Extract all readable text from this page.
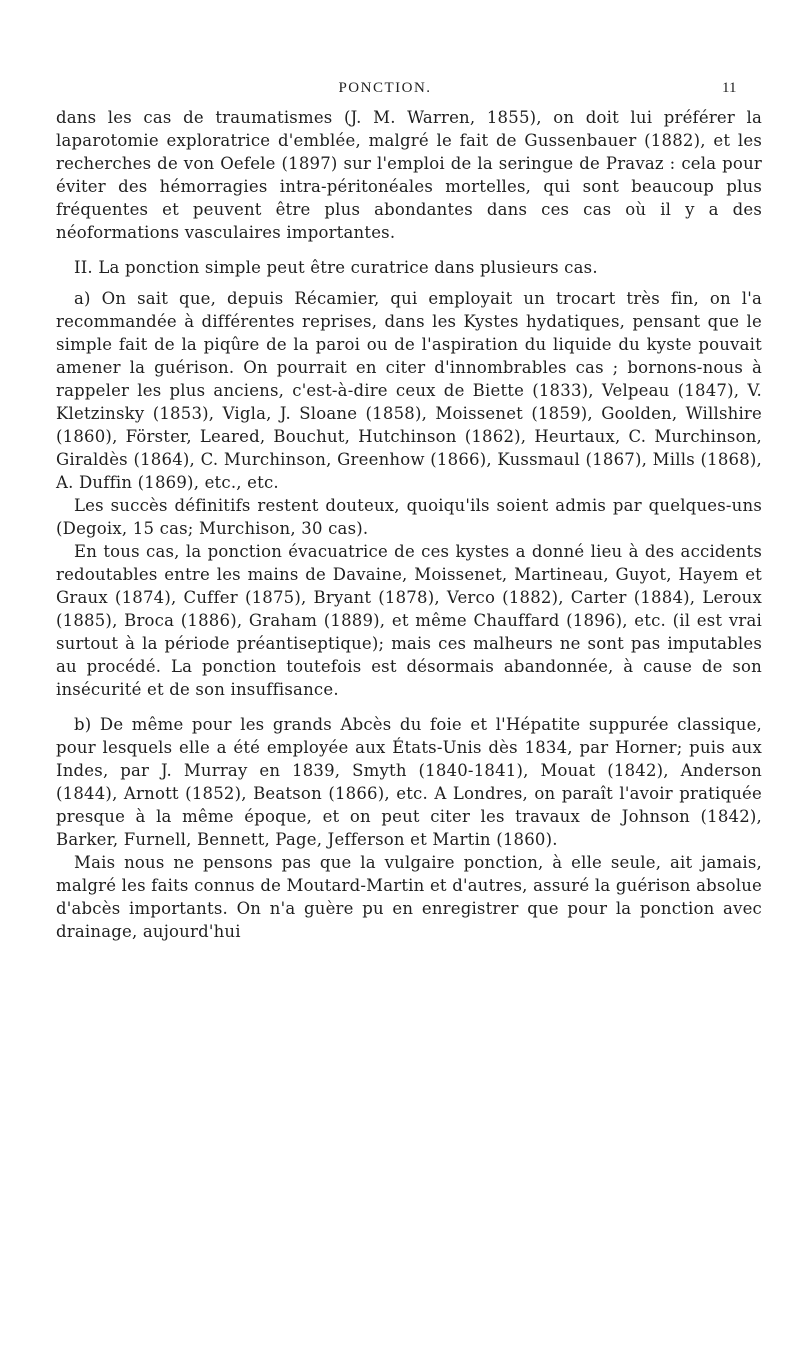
PONCTION.	11

dans les cas de traumatismes (J. M. Warren, 1855), on doit lui préférer la laparotomie exploratrice d'emblée, malgré le fait de Gussenbauer (1882), et les recherches de von Oefele (1897) sur l'emploi de la seringue de Pravaz : cela pour éviter des hémorragies intra-péritonéales mortelles, qui sont beaucoup plus fréquentes et peuvent être plus abondantes dans ces cas où il y a des néoformations vasculaires importantes.

II. La ponction simple peut être curatrice dans plusieurs cas.

a) On sait que, depuis Récamier, qui employait un trocart très fin, on l'a recommandée à différentes reprises, dans les Kystes hydatiques, pensant que le simple fait de la piqûre de la paroi ou de l'aspiration du liquide du kyste pouvait amener la guérison. On pourrait en citer d'innombrables cas ; bornons-nous à rappeler les plus anciens, c'est-à-dire ceux de Biette (1833), Velpeau (1847), V. Kletzinsky (1853), Vigla, J. Sloane (1858), Moissenet (1859), Goolden, Willshire (1860), Förster, Leared, Bouchut, Hutchinson (1862), Heurtaux, C. Murchinson, Giraldès (1864), C. Murchinson, Greenhow (1866), Kussmaul (1867), Mills (1868), A. Duffin (1869), etc., etc.

Les succès définitifs restent douteux, quoiqu'ils soient admis par quelques-uns (Degoix, 15 cas; Murchison, 30 cas).

En tous cas, la ponction évacuatrice de ces kystes a donné lieu à des accidents redoutables entre les mains de Davaine, Moissenet, Martineau, Guyot, Hayem et Graux (1874), Cuffer (1875), Bryant (1878), Verco (1882), Carter (1884), Leroux (1885), Broca (1886), Graham (1889), et même Chauffard (1896), etc. (il est vrai surtout à la période préantiseptique); mais ces malheurs ne sont pas imputables au procédé. La ponction toutefois est désormais abandonnée, à cause de son insécurité et de son insuffisance.

b) De même pour les grands Abcès du foie et l'Hépatite suppurée classique, pour lesquels elle a été employée aux États-Unis dès 1834, par Horner; puis aux Indes, par J. Murray en 1839, Smyth (1840-1841), Mouat (1842), Anderson (1844), Arnott (1852), Beatson (1866), etc. A Londres, on paraît l'avoir pratiquée presque à la même époque, et on peut citer les travaux de Johnson (1842), Barker, Furnell, Bennett, Page, Jefferson et Martin (1860).

Mais nous ne pensons pas que la vulgaire ponction, à elle seule, ait jamais, malgré les faits connus de Moutard-Martin et d'autres, assuré la guérison absolue d'abcès importants. On n'a guère pu en enregistrer que pour la ponction avec drainage, aujourd'hui
